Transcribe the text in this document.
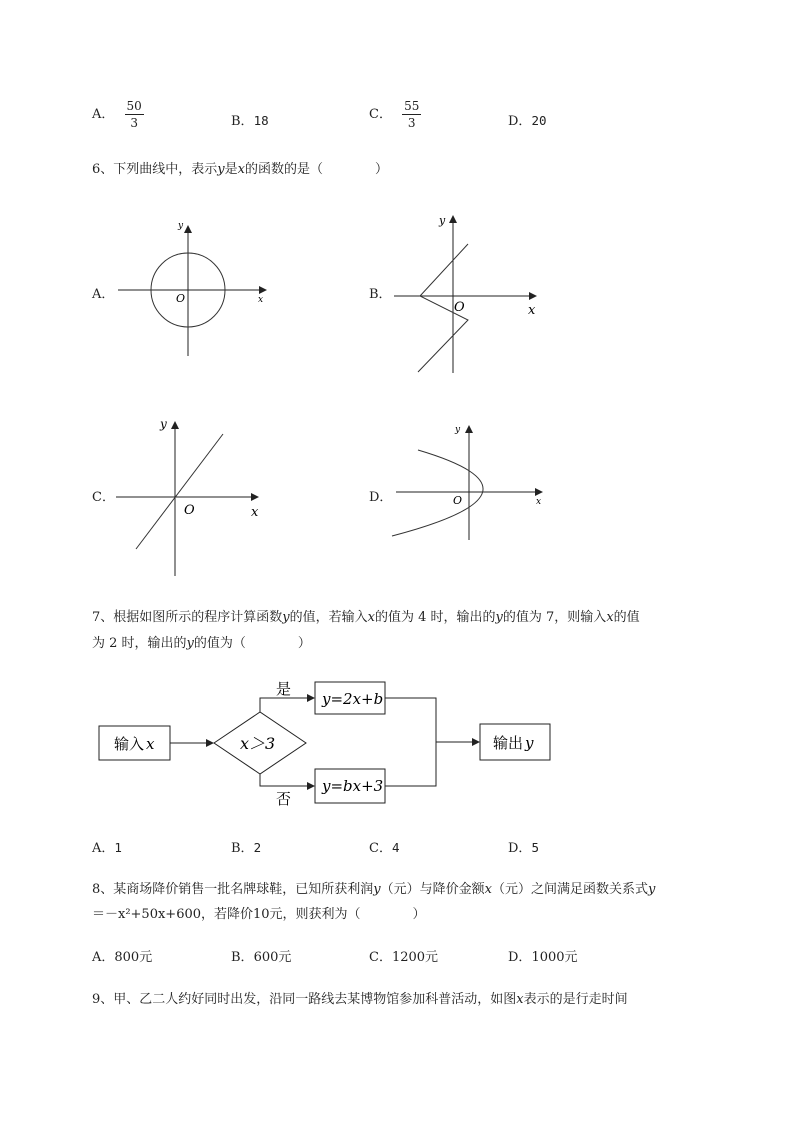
A． $\frac{50}{3}$	B．18	C． $\frac{55}{3}$	D．20
6、下列曲线中，表示y是x的函数的是（　　　　）
A．	B．
C．	D．
x
y
O
x
y
O
x
y
O
x
y
O
7、根据如图所示的程序计算函数y的值，若输入x的值为 4 时，输出的y的值为 7，则输入x的值
为 2 时，输出的y的值为（　　　　）
输入 x	x＞3
是
y=2x+b
否
y=bx+3
输出 y
A．1	B．2	C．4	D．5
8、某商场降价销售一批名牌球鞋，已知所获利润y（元）与降价金额x（元）之间满足函数关系式y
＝－x²+50x+600，若降价10元，则获利为（　　　　）
A．800元	B．600元	C．1200元	D．1000元
9、甲、乙二人约好同时出发，沿同一路线去某博物馆参加科普活动，如图x表示的是行走时间
